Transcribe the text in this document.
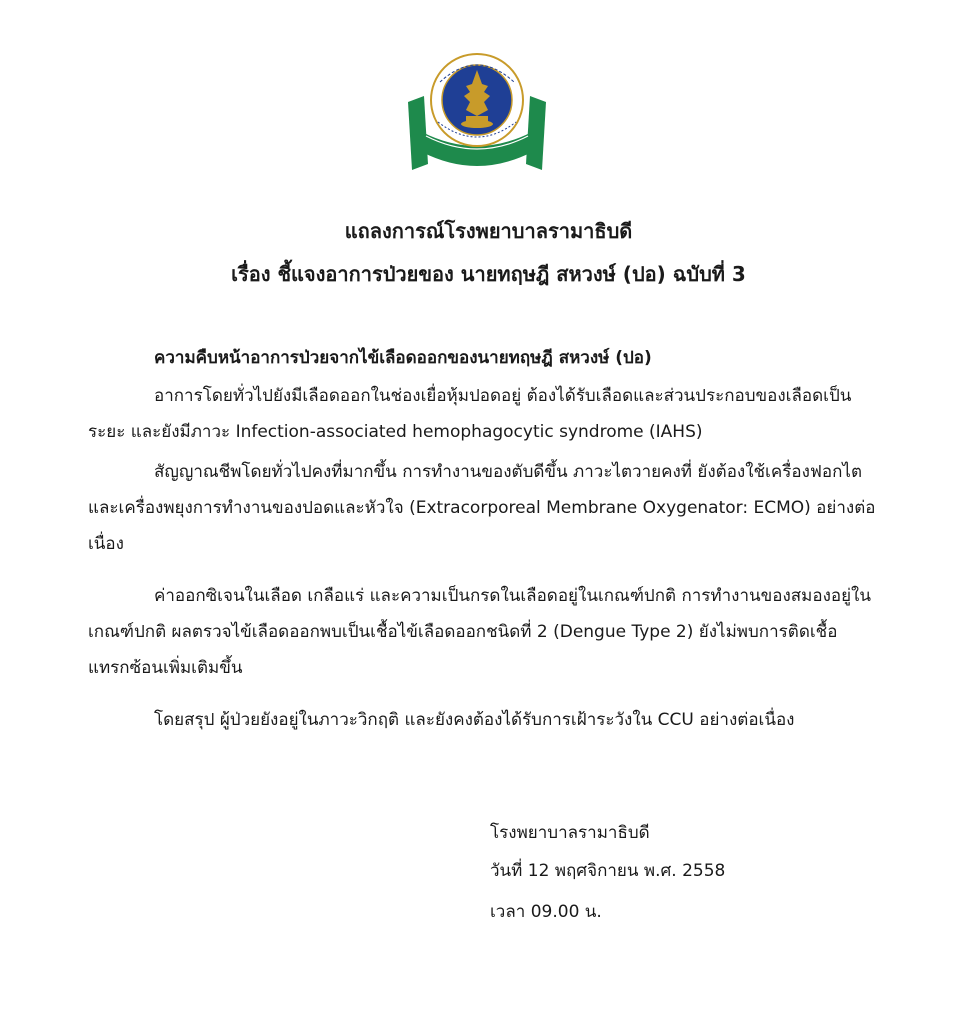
แถลงการณ์โรงพยาบาลรามาธิบดี
เรื่อง ชี้แจงอาการป่วยของ นายทฤษฎี สหวงษ์ (ปอ) ฉบับที่ 3
ความคืบหน้าอาการป่วยจากไข้เลือดออกของนายทฤษฎี สหวงษ์ (ปอ)
อาการโดยทั่วไปยังมีเลือดออกในช่องเยื่อหุ้มปอดอยู่ ต้องได้รับเลือดและส่วนประกอบของเลือดเป็นระยะ และยังมีภาวะ Infection-associated hemophagocytic syndrome (IAHS)
สัญญาณชีพโดยทั่วไปคงที่มากขึ้น การทำงานของตับดีขึ้น ภาวะไตวายคงที่ ยังต้องใช้เครื่องฟอกไต และเครื่องพยุงการทำงานของปอดและหัวใจ (Extracorporeal Membrane Oxygenator: ECMO) อย่างต่อเนื่อง
ค่าออกซิเจนในเลือด เกลือแร่ และความเป็นกรดในเลือดอยู่ในเกณฑ์ปกติ การทำงานของสมองอยู่ในเกณฑ์ปกติ ผลตรวจไข้เลือดออกพบเป็นเชื้อไข้เลือดออกชนิดที่ 2 (Dengue Type 2) ยังไม่พบการติดเชื้อแทรกซ้อนเพิ่มเติมขึ้น
โดยสรุป ผู้ป่วยยังอยู่ในภาวะวิกฤติ และยังคงต้องได้รับการเฝ้าระวังใน CCU อย่างต่อเนื่อง
โรงพยาบาลรามาธิบดี
วันที่ 12 พฤศจิกายน พ.ศ. 2558
เวลา 09.00 น.
